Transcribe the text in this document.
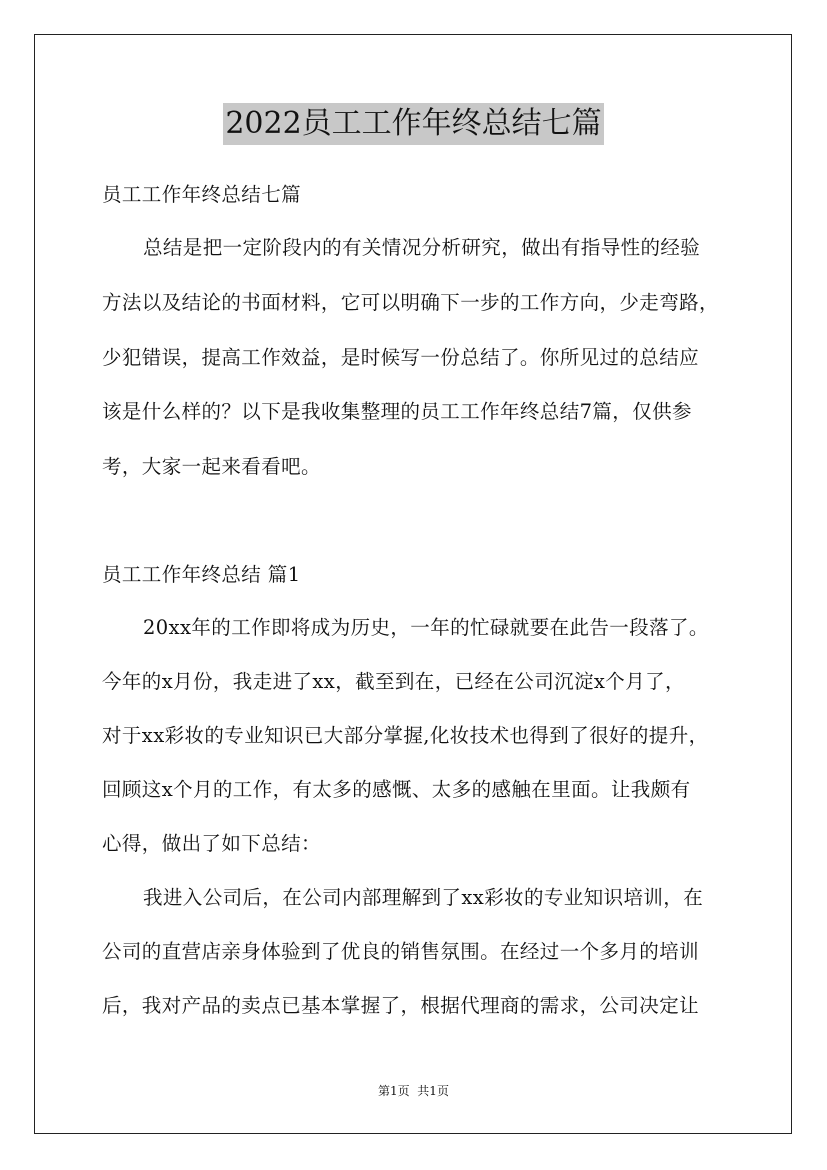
2022员工工作年终总结七篇

员工工作年终总结七篇

总结是把一定阶段内的有关情况分析研究，做出有指导性的经验

方法以及结论的书面材料，它可以明确下一步的工作方向，少走弯路，

少犯错误，提高工作效益，是时候写一份总结了。你所见过的总结应

该是什么样的？以下是我收集整理的员工工作年终总结7篇，仅供参

考，大家一起来看看吧。

员工工作年终总结 篇1

20xx年的工作即将成为历史，一年的忙碌就要在此告一段落了。

今年的x月份，我走进了xx，截至到在，已经在公司沉淀x个月了，

对于xx彩妆的专业知识已大部分掌握,化妆技术也得到了很好的提升，

回顾这x个月的工作，有太多的感慨、太多的感触在里面。让我颇有

心得，做出了如下总结：

我进入公司后，在公司内部理解到了xx彩妆的专业知识培训，在

公司的直营店亲身体验到了优良的销售氛围。在经过一个多月的培训

后，我对产品的卖点已基本掌握了，根据代理商的需求，公司决定让

第1页  共1页
